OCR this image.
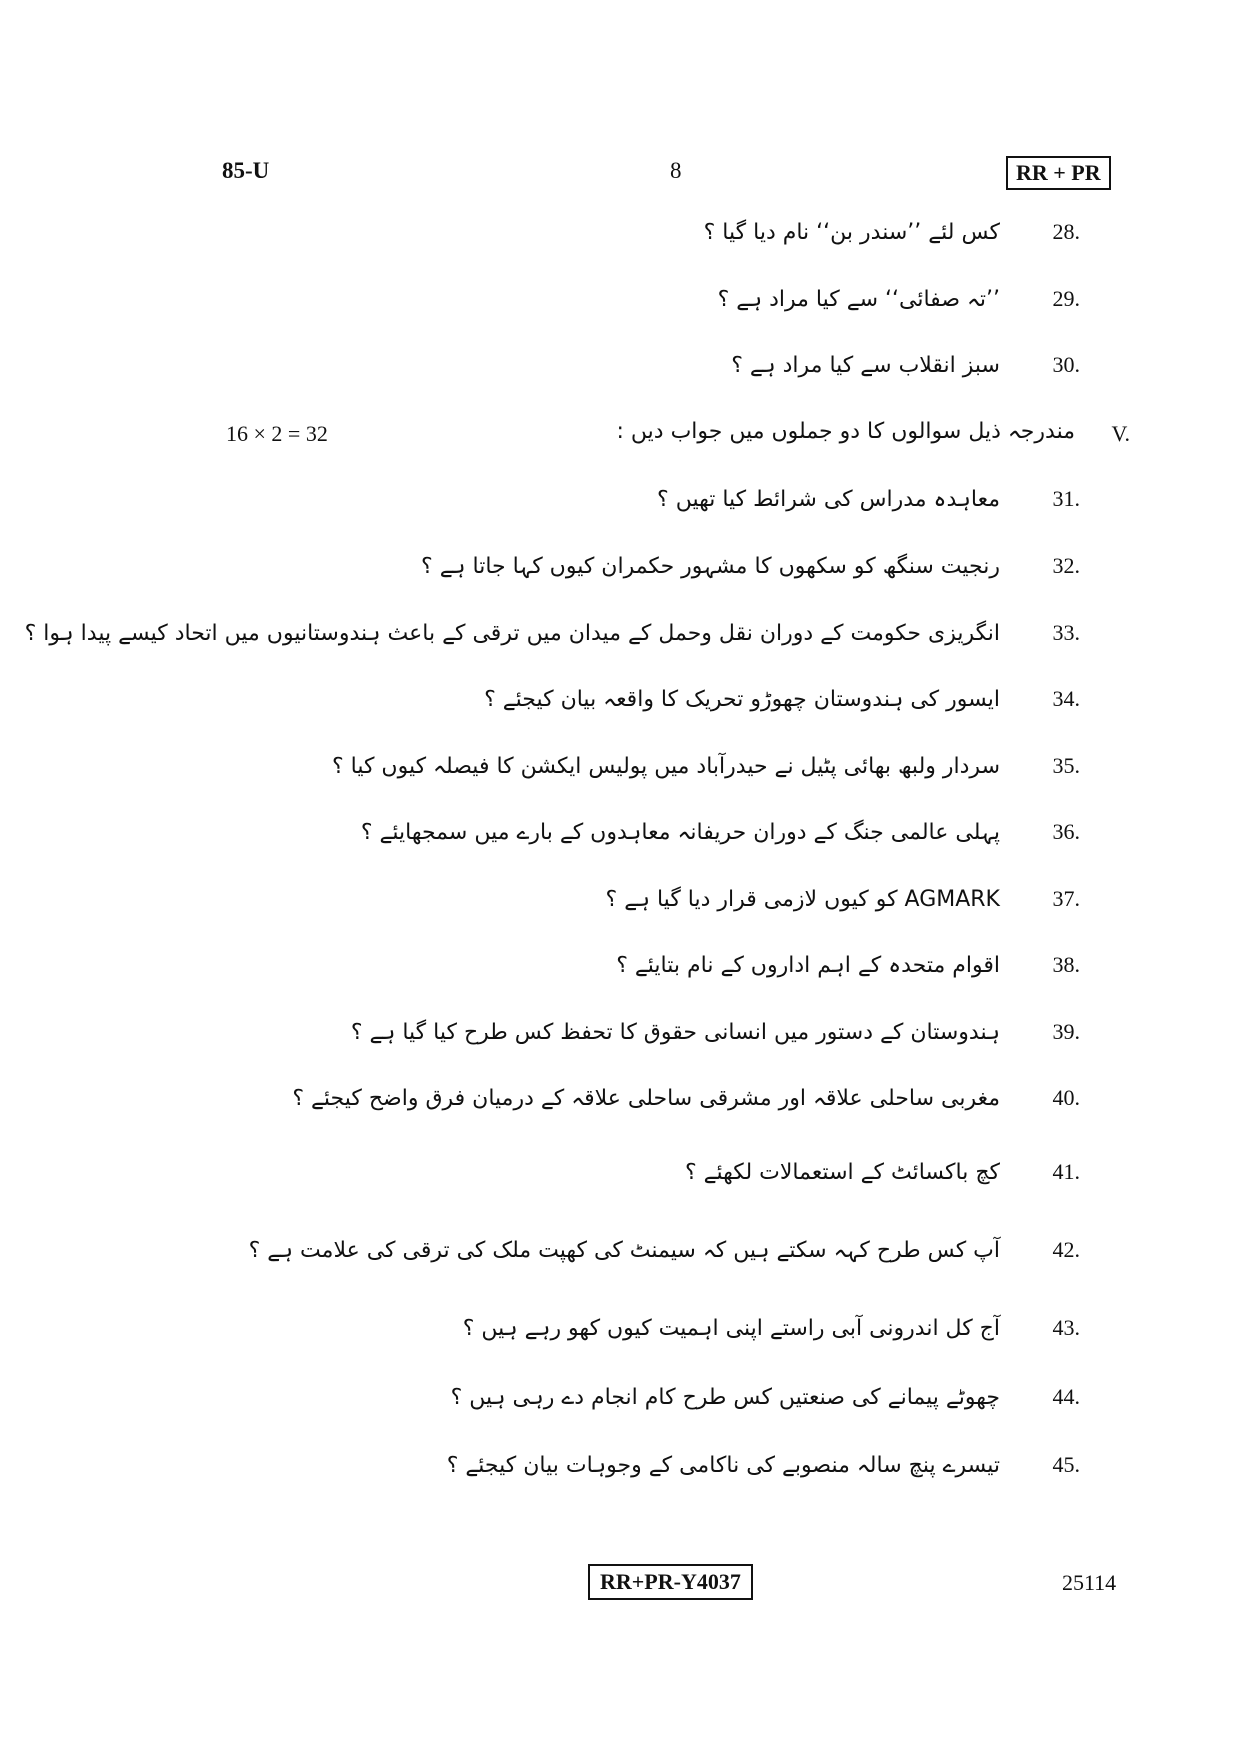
85-U	8	RR + PR
28.
کس لئے ’’سندر بن‘‘ نام دیا گیا ؟
29.
’’تہ صفائی‘‘ سے کیا مراد ہے ؟
30.
سبز انقلاب سے کیا مراد ہے ؟
V.
مندرجہ ذیل سوالوں کا دو جملوں میں جواب دیں :
16 × 2 = 32
31.
معاہدہ مدراس کی شرائط کیا تھیں ؟
32.
رنجیت سنگھ کو سکھوں کا مشہور حکمران کیوں کہا جاتا ہے ؟
33.
انگریزی حکومت کے دوران نقل وحمل کے میدان میں ترقی کے باعث ہندوستانیوں میں اتحاد کیسے پیدا ہوا ؟
34.
ایسور کی ہندوستان چھوڑو تحریک کا واقعہ بیان کیجئے ؟
35.
سردار ولبھ بھائی پٹیل نے حیدرآباد میں پولیس ایکشن کا فیصلہ کیوں کیا ؟
36.
پہلی عالمی جنگ کے دوران حریفانہ معاہدوں کے بارے میں سمجھایئے ؟
37.
AGMARK کو کیوں لازمی قرار دیا گیا ہے ؟
38.
اقوام متحدہ کے اہم اداروں کے نام بتایئے ؟
39.
ہندوستان کے دستور میں انسانی حقوق کا تحفظ کس طرح کیا گیا ہے ؟
40.
مغربی ساحلی علاقہ اور مشرقی ساحلی علاقہ کے درمیان فرق واضح کیجئے ؟
41.
کچ باکسائٹ کے استعمالات لکھئے ؟
42.
آپ کس طرح کہہ سکتے ہیں کہ سیمنٹ کی کھپت ملک کی ترقی کی علامت ہے ؟
43.
آج کل اندرونی آبی راستے اپنی اہمیت کیوں کھو رہے ہیں ؟
44.
چھوٹے پیمانے کی صنعتیں کس طرح کام انجام دے رہی ہیں ؟
45.
تیسرے پنچ سالہ منصوبے کی ناکامی کے وجوہات بیان کیجئے ؟
RR+PR-Y4037	25114
